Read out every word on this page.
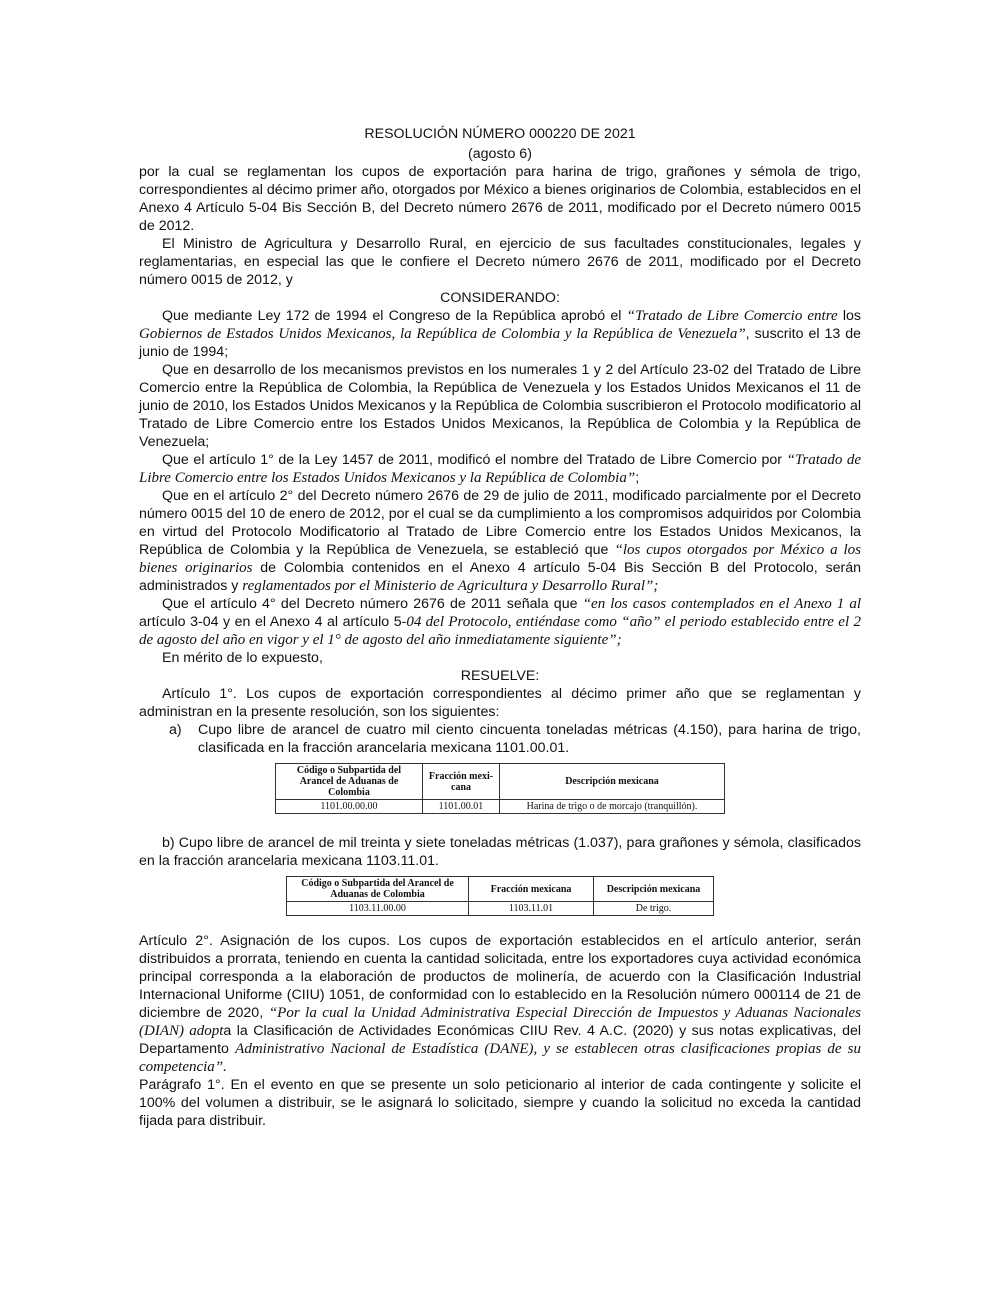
RESOLUCIÓN NÚMERO 000220 DE 2021
(agosto 6)

por la cual se reglamentan los cupos de exportación para harina de trigo, grañones y sémola de trigo, correspondientes al décimo primer año, otorgados por México a bienes originarios de Colombia, establecidos en el Anexo 4 Artículo 5-04 Bis Sección B, del Decreto número 2676 de 2011, modificado por el Decreto número 0015 de 2012.

El Ministro de Agricultura y Desarrollo Rural, en ejercicio de sus facultades constitucionales, legales y reglamentarias, en especial las que le confiere el Decreto número 2676 de 2011, modificado por el Decreto número 0015 de 2012, y

CONSIDERANDO:

Que mediante Ley 172 de 1994 el Congreso de la República aprobó el “Tratado de Libre Comercio entre los Gobiernos de Estados Unidos Mexicanos, la República de Colombia y la República de Venezuela”, suscrito el 13 de junio de 1994;

Que en desarrollo de los mecanismos previstos en los numerales 1 y 2 del Artículo 23-02 del Tratado de Libre Comercio entre la República de Colombia, la República de Venezuela y los Estados Unidos Mexicanos el 11 de junio de 2010, los Estados Unidos Mexicanos y la República de Colombia suscribieron el Protocolo modificatorio al Tratado de Libre Comercio entre los Estados Unidos Mexicanos, la República de Colombia y la República de Venezuela;

Que el artículo 1° de la Ley 1457 de 2011, modificó el nombre del Tratado de Libre Comercio por “Tratado de Libre Comercio entre los Estados Unidos Mexicanos y la República de Colombia”;

Que en el artículo 2° del Decreto número 2676 de 29 de julio de 2011, modificado parcialmente por el Decreto número 0015 del 10 de enero de 2012, por el cual se da cumplimiento a los compromisos adquiridos por Colombia en virtud del Protocolo Modificatorio al Tratado de Libre Comercio entre los Estados Unidos Mexicanos, la República de Colombia y la República de Venezuela, se estableció que “los cupos otorgados por México a los bienes originarios de Colombia contenidos en el Anexo 4 artículo 5-04 Bis Sección B del Protocolo, serán administrados y reglamentados por el Ministerio de Agricultura y Desarrollo Rural”;

Que el artículo 4° del Decreto número 2676 de 2011 señala que “en los casos contemplados en el Anexo 1 al artículo 3-04 y en el Anexo 4 al artículo 5-04 del Protocolo, entiéndase como “año” el periodo establecido entre el 2 de agosto del año en vigor y el 1° de agosto del año inmediatamente siguiente”;

En mérito de lo expuesto,

RESUELVE:

Artículo 1°. Los cupos de exportación correspondientes al décimo primer año que se reglamentan y administran en la presente resolución, son los siguientes:

a)	Cupo libre de arancel de cuatro mil ciento cincuenta toneladas métricas (4.150), para harina de trigo, clasificada en la fracción arancelaria mexicana 1101.00.01.
Código o Subpartida del Arancel de Aduanas de Colombia	Fracción mexi-cana	Descripción mexicana
1101.00.00.00	1101.00.01	Harina de trigo o de morcajo (tranquillón).

b) Cupo libre de arancel de mil treinta y siete toneladas métricas (1.037), para grañones y sémola, clasificados en la fracción arancelaria mexicana 1103.11.01.

Código o Subpartida del Arancel de Aduanas de Colombia	Fracción mexicana	Descripción mexicana
1103.11.00.00	1103.11.01	De trigo.

Artículo 2°. Asignación de los cupos. Los cupos de exportación establecidos en el artículo anterior, serán distribuidos a prorrata, teniendo en cuenta la cantidad solicitada, entre los exportadores cuya actividad económica principal corresponda a la elaboración de productos de molinería, de acuerdo con la Clasificación Industrial Internacional Uniforme (CIIU) 1051, de conformidad con lo establecido en la Resolución número 000114 de 21 de diciembre de 2020, “Por la cual la Unidad Administrativa Especial Dirección de Impuestos y Aduanas Nacionales (DIAN) adopta la Clasificación de Actividades Económicas CIIU Rev. 4 A.C. (2020) y sus notas explicativas, del Departamento Administrativo Nacional de Estadística (DANE), y se establecen otras clasificaciones propias de su competencia”.

Parágrafo 1°. En el evento en que se presente un solo peticionario al interior de cada contingente y solicite el 100% del volumen a distribuir, se le asignará lo solicitado, siempre y cuando la solicitud no exceda la cantidad fijada para distribuir.
